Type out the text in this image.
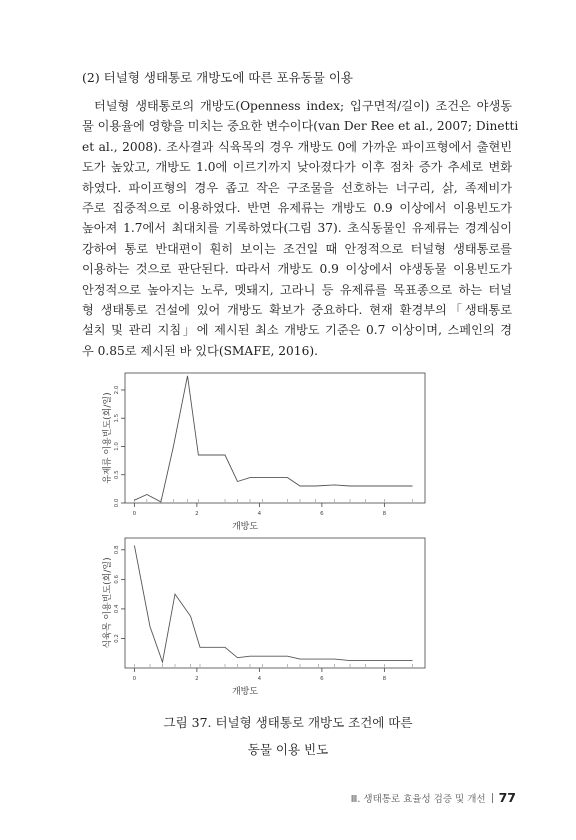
(2) 터널형 생태통로 개방도에 따른 포유동물 이용
터널형 생태통로의 개방도(Openness index; 입구면적/길이) 조건은 야생동
물 이용율에 영향을 미치는 중요한 변수이다(van Der Ree et al., 2007; Dinetti
et al., 2008). 조사결과 식육목의 경우 개방도 0에 가까운 파이프형에서 출현빈
도가 높았고, 개방도 1.0에 이르기까지 낮아졌다가 이후 점차 증가 추세로 변화
하였다. 파이프형의 경우 좁고 작은 구조물을 선호하는 너구리, 삵, 족제비가
주로 집중적으로 이용하였다. 반면 유제류는 개방도 0.9 이상에서 이용빈도가
높아져 1.7에서 최대치를 기록하였다(그림 37). 초식동물인 유제류는 경계심이
강하여 통로 반대편이 훤히 보이는 조건일 때 안정적으로 터널형 생태통로를
이용하는 것으로 판단된다. 따라서 개방도 0.9 이상에서 야생동물 이용빈도가
안정적으로 높아지는 노루, 멧돼지, 고라니 등 유제류를 목표종으로 하는 터널
형 생태통로 건설에 있어 개방도 확보가 중요하다. 현재 환경부의「생태통로
설치 및 관리 지침」에 제시된 최소 개방도 기준은 0.7 이상이며, 스페인의 경
우 0.85로 제시된 바 있다(SMAFE, 2016).
0.0
0.5
1.0
1.5
2.0
0	2	4	6	8
개방도
유제류 이용빈도(회/일)
0.2
0.4
0.6
0.8
0	2	4	6	8
개방도
식육목 이용빈도(회/일)
그림 37. 터널형 생태통로 개방도 조건에 따른
동물 이용 빈도
Ⅲ. 생태통로 효율성 검증 및 개선 77
